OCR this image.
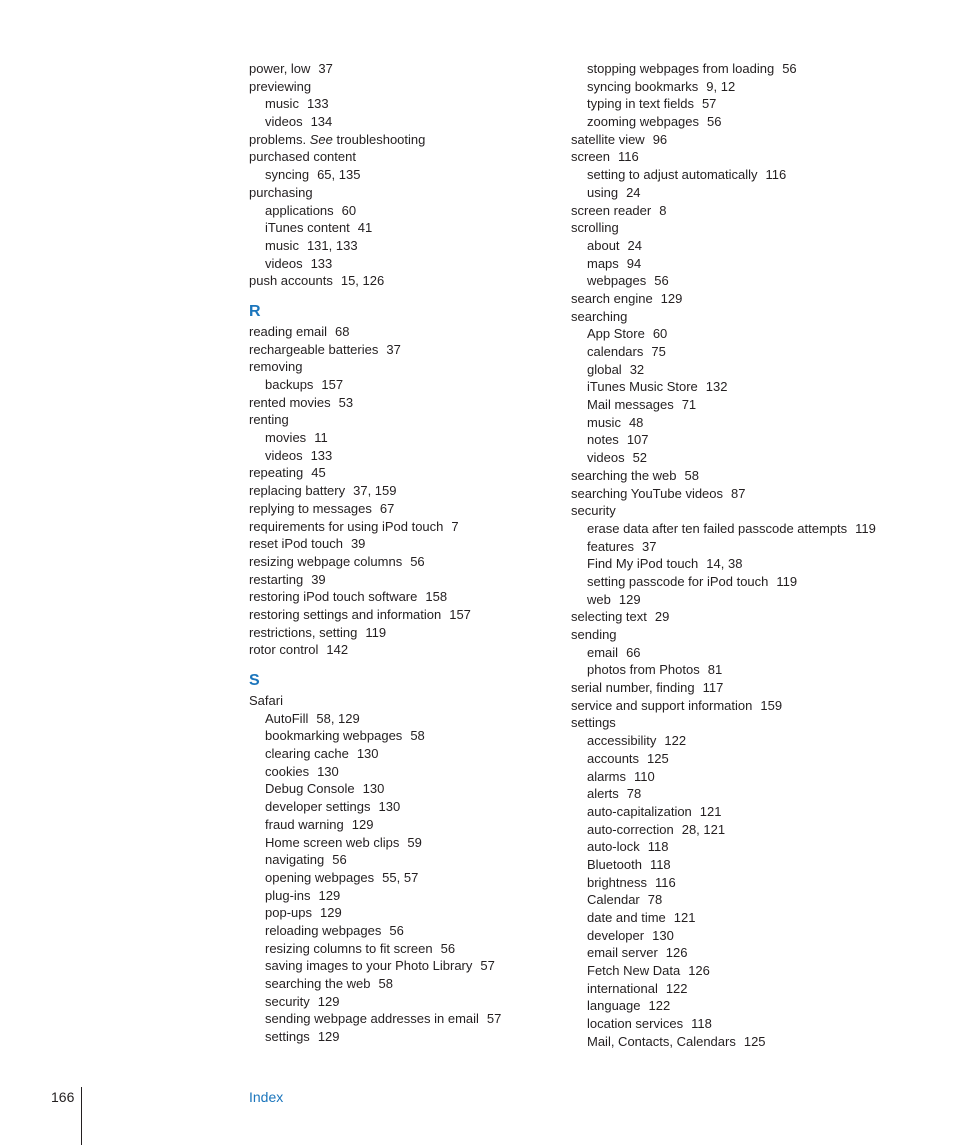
power, low 37
previewing
music 133
videos 134
problems. See troubleshooting
purchased content
syncing 65, 135
purchasing
applications 60
iTunes content 41
music 131, 133
videos 133
push accounts 15, 126
R
reading email 68
rechargeable batteries 37
removing
backups 157
rented movies 53
renting
movies 11
videos 133
repeating 45
replacing battery 37, 159
replying to messages 67
requirements for using iPod touch 7
reset iPod touch 39
resizing webpage columns 56
restarting 39
restoring iPod touch software 158
restoring settings and information 157
restrictions, setting 119
rotor control 142
S
Safari
AutoFill 58, 129
bookmarking webpages 58
clearing cache 130
cookies 130
Debug Console 130
developer settings 130
fraud warning 129
Home screen web clips 59
navigating 56
opening webpages 55, 57
plug-ins 129
pop-ups 129
reloading webpages 56
resizing columns to fit screen 56
saving images to your Photo Library 57
searching the web 58
security 129
sending webpage addresses in email 57
settings 129
stopping webpages from loading 56
syncing bookmarks 9, 12
typing in text fields 57
zooming webpages 56
satellite view 96
screen 116
setting to adjust automatically 116
using 24
screen reader 8
scrolling
about 24
maps 94
webpages 56
search engine 129
searching
App Store 60
calendars 75
global 32
iTunes Music Store 132
Mail messages 71
music 48
notes 107
videos 52
searching the web 58
searching YouTube videos 87
security
erase data after ten failed passcode attempts 119
features 37
Find My iPod touch 14, 38
setting passcode for iPod touch 119
web 129
selecting text 29
sending
email 66
photos from Photos 81
serial number, finding 117
service and support information 159
settings
accessibility 122
accounts 125
alarms 110
alerts 78
auto-capitalization 121
auto-correction 28, 121
auto-lock 118
Bluetooth 118
brightness 116
Calendar 78
date and time 121
developer 130
email server 126
Fetch New Data 126
international 122
language 122
location services 118
Mail, Contacts, Calendars 125
166	Index
